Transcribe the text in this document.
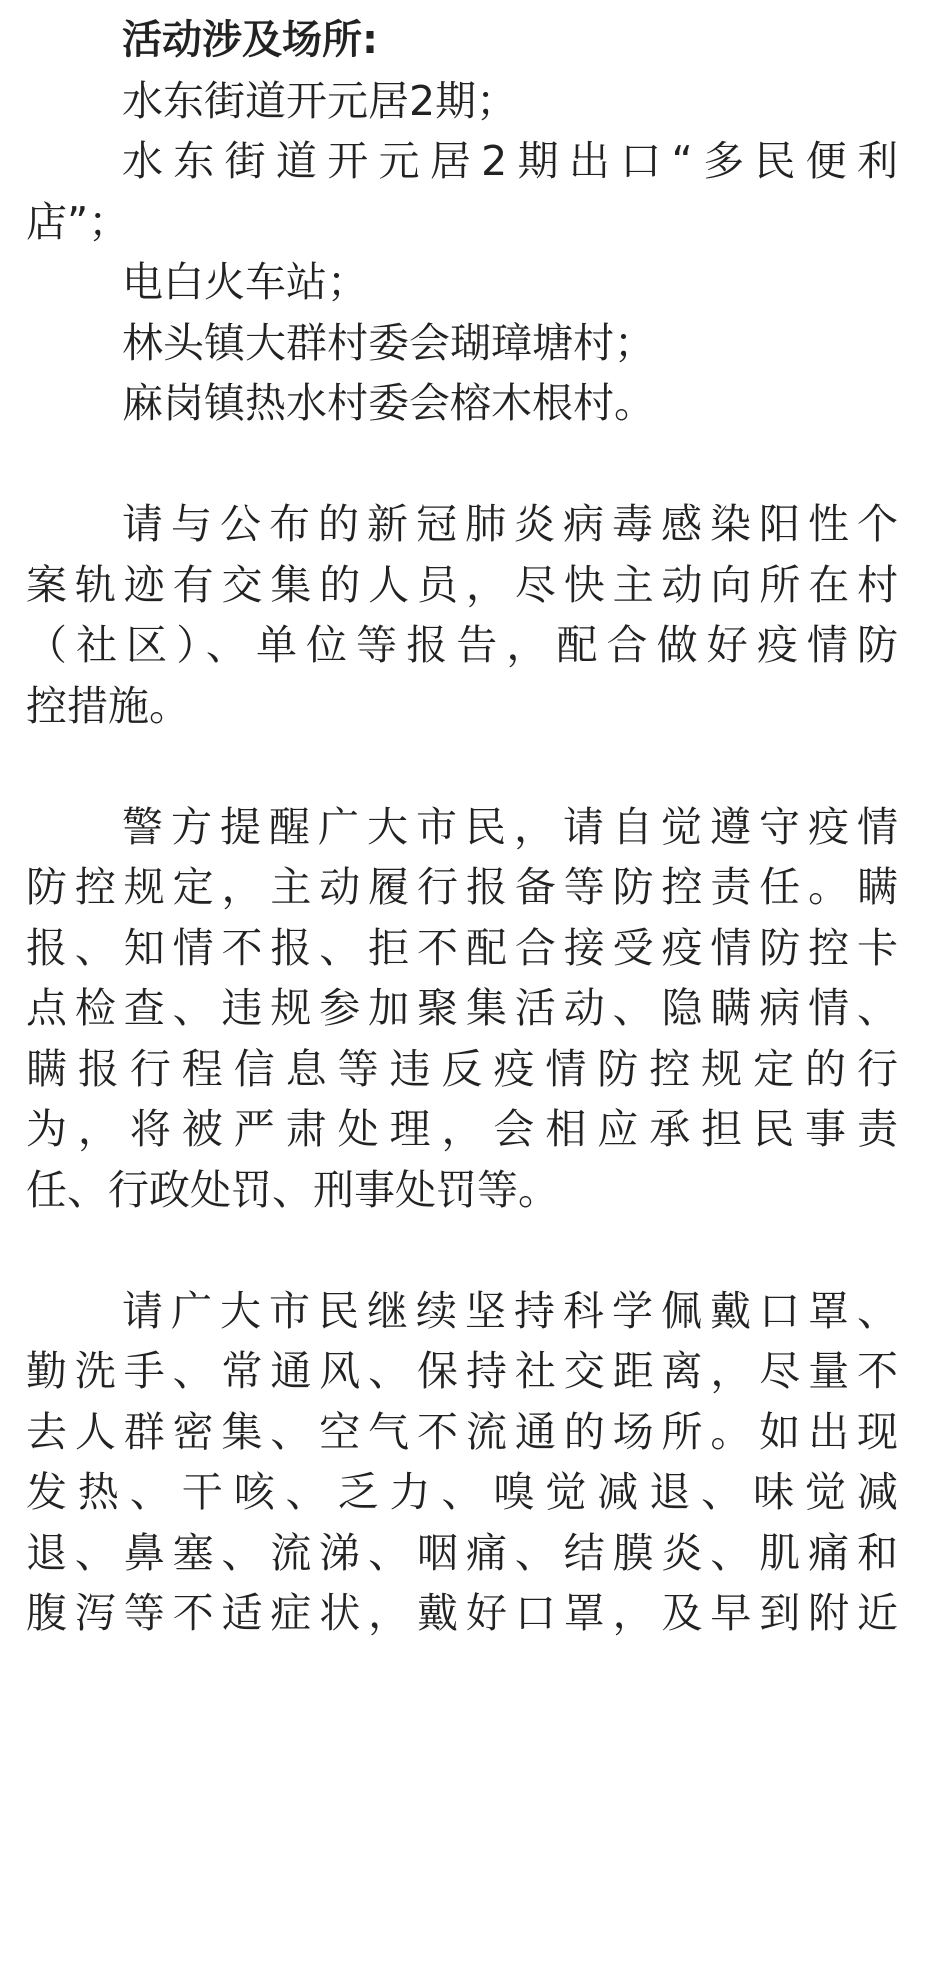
活动涉及场所:
水东街道开元居2期；
水东街道开元居2期出口“多民便利
店”；
电白火车站；
林头镇大群村委会瑚璋塘村；
麻岗镇热水村委会榕木根村。
请与公布的新冠肺炎病毒感染阳性个
案轨迹有交集的人员，尽快主动向所在村
（社区）、单位等报告，配合做好疫情防
控措施。
警方提醒广大市民，请自觉遵守疫情
防控规定，主动履行报备等防控责任。瞒
报、知情不报、拒不配合接受疫情防控卡
点检查、违规参加聚集活动、隐瞒病情、
瞒报行程信息等违反疫情防控规定的行
为，将被严肃处理，会相应承担民事责
任、行政处罚、刑事处罚等。
请广大市民继续坚持科学佩戴口罩、
勤洗手、常通风、保持社交距离，尽量不
去人群密集、空气不流通的场所。如出现
发热、干咳、乏力、嗅觉减退、味觉减
退、鼻塞、流涕、咽痛、结膜炎、肌痛和
腹泻等不适症状，戴好口罩，及早到附近
